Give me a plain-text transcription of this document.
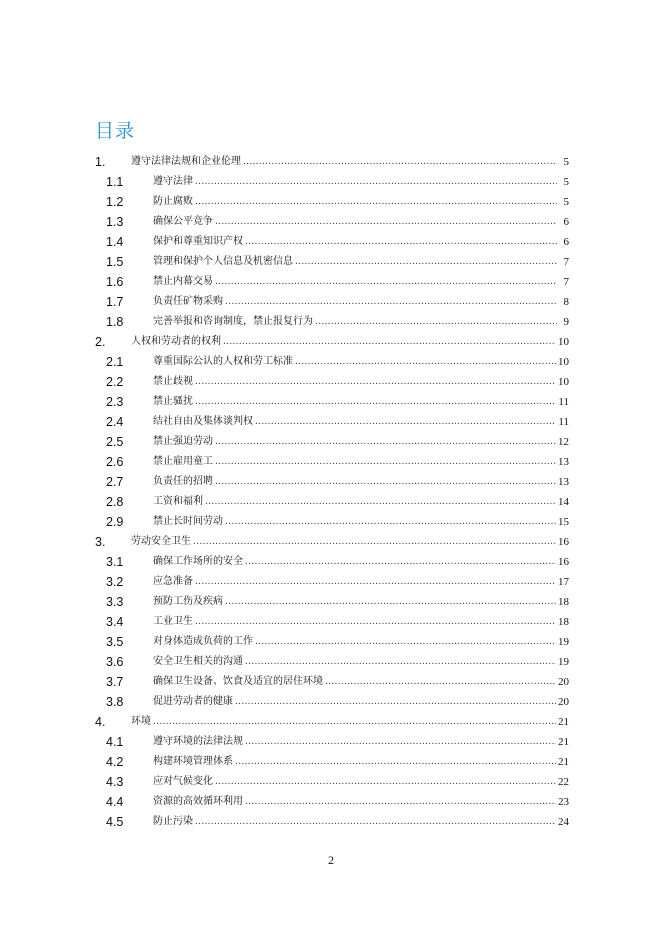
目录
1.	遵守法律法规和企业伦理 .....	5
1.1	遵守法律 .....	5
1.2	防止腐败 .....	5
1.3	确保公平竞争 .....	6
1.4	保护和尊重知识产权 .....	6
1.5	管理和保护个人信息及机密信息 .....	7
1.6	禁止内幕交易 .....	7
1.7	负责任矿物采购 .....	8
1.8	完善举报和咨询制度，禁止报复行为 .....	9
2.	人权和劳动者的权利 .....	10
2.1	尊重国际公认的人权和劳工标准 .....	10
2.2	禁止歧视 .....	10
2.3	禁止骚扰 .....	11
2.4	结社自由及集体谈判权 .....	11
2.5	禁止强迫劳动 .....	12
2.6	禁止雇用童工 .....	13
2.7	负责任的招聘 .....	13
2.8	工资和福利 .....	14
2.9	禁止长时间劳动 .....	15
3.	劳动安全卫生 .....	16
3.1	确保工作场所的安全 .....	16
3.2	应急准备 .....	17
3.3	预防工伤及疾病 .....	18
3.4	工业卫生 .....	18
3.5	对身体造成负荷的工作 .....	19
3.6	安全卫生相关的沟通 .....	19
3.7	确保卫生设备、饮食及适宜的居住环境 .....	20
3.8	促进劳动者的健康 .....	20
4.	环境 .....	21
4.1	遵守环境的法律法规 .....	21
4.2	构建环境管理体系 .....	21
4.3	应对气候变化 .....	22
4.4	资源的高效循环利用 .....	23
4.5	防止污染 .....	24
2
